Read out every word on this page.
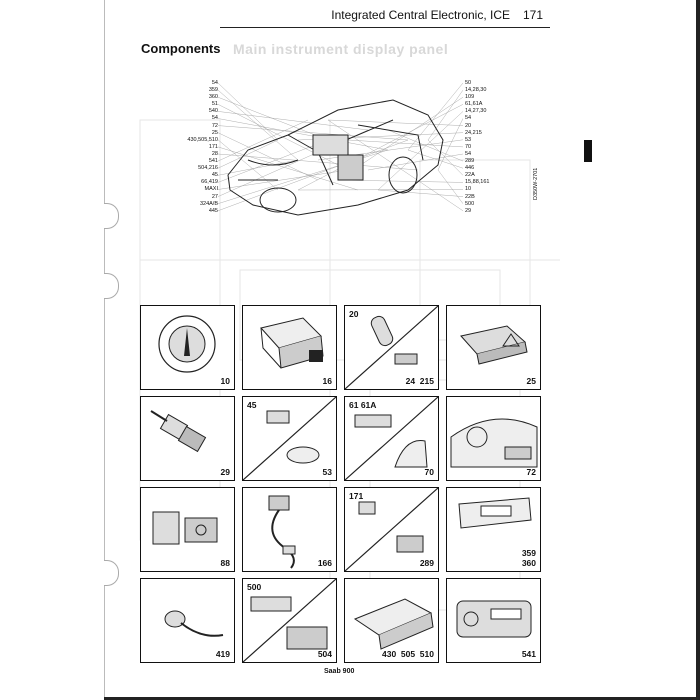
Integrated Central Electronic, ICE 171
Components Main instrument display panel
54
359
360
51
540
54
72
25
430,505,510
171
28
541
504,216
45
66,419
MAXI
27
324A/B
445
50
14,28,30
109
61,61A
14,27,30
54
20
24,215
53
70
54
289
446
22A
15,88,161
10
22B
500
29
D350W-2701
10	16
20
24  215	25
29
45
53
61 61A
70	72
88	166
171
289
359
360
419
500
504	430  505  510	541
Saab 900
